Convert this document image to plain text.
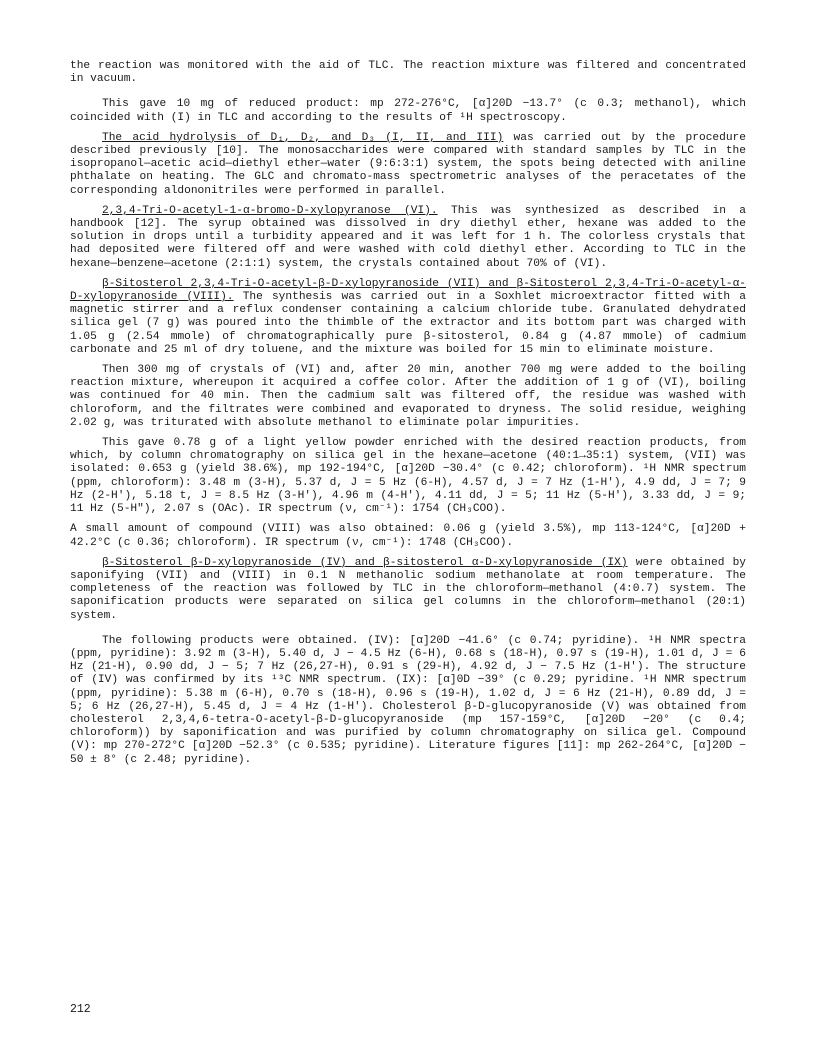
the reaction was monitored with the aid of TLC. The reaction mixture was filtered and concentrated in vacuum.

This gave 10 mg of reduced product: mp 272-276°C, [α]20D −13.7° (c 0.3; methanol), which coincided with (I) in TLC and according to the results of ¹H spectroscopy.

The acid hydrolysis of D₁, D₂, and D₃ (I, II, and III) was carried out by the procedure described previously [10]. The monosaccharides were compared with standard samples by TLC in the isopropanol—acetic acid—diethyl ether—water (9:6:3:1) system, the spots being detected with aniline phthalate on heating. The GLC and chromato-mass spectrometric analyses of the peracetates of the corresponding aldononitriles were performed in parallel.

2,3,4-Tri-O-acetyl-1-α-bromo-D-xylopyranose (VI). This was synthesized as described in a handbook [12]. The syrup obtained was dissolved in dry diethyl ether, hexane was added to the solution in drops until a turbidity appeared and it was left for 1 h. The colorless crystals that had deposited were filtered off and were washed with cold diethyl ether. According to TLC in the hexane—benzene—acetone (2:1:1) system, the crystals contained about 70% of (VI).

β-Sitosterol 2,3,4-Tri-O-acetyl-β-D-xylopyranoside (VII) and β-Sitosterol 2,3,4-Tri-O-acetyl-α-D-xylopyranoside (VIII). The synthesis was carried out in a Soxhlet microextractor fitted with a magnetic stirrer and a reflux condenser containing a calcium chloride tube. Granulated dehydrated silica gel (7 g) was poured into the thimble of the extractor and its bottom part was charged with 1.05 g (2.54 mmole) of chromatographically pure β-sitosterol, 0.84 g (4.87 mmole) of cadmium carbonate and 25 ml of dry toluene, and the mixture was boiled for 15 min to eliminate moisture.

Then 300 mg of crystals of (VI) and, after 20 min, another 700 mg were added to the boiling reaction mixture, whereupon it acquired a coffee color. After the addition of 1 g of (VI), boiling was continued for 40 min. Then the cadmium salt was filtered off, the residue was washed with chloroform, and the filtrates were combined and evaporated to dryness. The solid residue, weighing 2.02 g, was triturated with absolute methanol to eliminate polar impurities.

This gave 0.78 g of a light yellow powder enriched with the desired reaction products, from which, by column chromatography on silica gel in the hexane—acetone (40:1→35:1) system, (VII) was isolated: 0.653 g (yield 38.6%), mp 192-194°C, [α]20D −30.4° (c 0.42; chloroform). ¹H NMR spectrum (ppm, chloroform): 3.48 m (3-H), 5.37 d, J = 5 Hz (6-H), 4.57 d, J = 7 Hz (1-H'), 4.9 dd, J = 7; 9 Hz (2-H'), 5.18 t, J = 8.5 Hz (3-H'), 4.96 m (4-H'), 4.11 dd, J = 5; 11 Hz (5-H'), 3.33 dd, J = 9; 11 Hz (5-H"), 2.07 s (OAc). IR spectrum (ν, cm⁻¹): 1754 (CH₃COO).

A small amount of compound (VIII) was also obtained: 0.06 g (yield 3.5%), mp 113-124°C, [α]20D + 42.2°C (c 0.36; chloroform). IR spectrum (ν, cm⁻¹): 1748 (CH₃COO).

β-Sitosterol β-D-xylopyranoside (IV) and β-sitosterol α-D-xylopyranoside (IX) were obtained by saponifying (VII) and (VIII) in 0.1 N methanolic sodium methanolate at room temperature. The completeness of the reaction was followed by TLC in the chloroform—methanol (4:0.7) system. The saponification products were separated on silica gel columns in the chloroform—methanol (20:1) system.

The following products were obtained. (IV): [α]20D −41.6° (c 0.74; pyridine). ¹H NMR spectra (ppm, pyridine): 3.92 m (3-H), 5.40 d, J − 4.5 Hz (6-H), 0.68 s (18-H), 0.97 s (19-H), 1.01 d, J = 6 Hz (21-H), 0.90 dd, J − 5; 7 Hz (26,27-H), 0.91 s (29-H), 4.92 d, J − 7.5 Hz (1-H'). The structure of (IV) was confirmed by its ¹³C NMR spectrum. (IX): [α]0D −39° (c 0.29; pyridine. ¹H NMR spectrum (ppm, pyridine): 5.38 m (6-H), 0.70 s (18-H), 0.96 s (19-H), 1.02 d, J = 6 Hz (21-H), 0.89 dd, J = 5; 6 Hz (26,27-H), 5.45 d, J = 4 Hz (1-H'). Cholesterol β-D-glucopyranoside (V) was obtained from cholesterol 2,3,4,6-tetra-O-acetyl-β-D-glucopyranoside (mp 157-159°C, [α]20D −20° (c 0.4; chloroform)) by saponification and was purified by column chromatography on silica gel. Compound (V): mp 270-272°C [α]20D −52.3° (c 0.535; pyridine). Literature figures [11]: mp 262-264°C, [α]20D − 50 ± 8° (c 2.48; pyridine).

212
